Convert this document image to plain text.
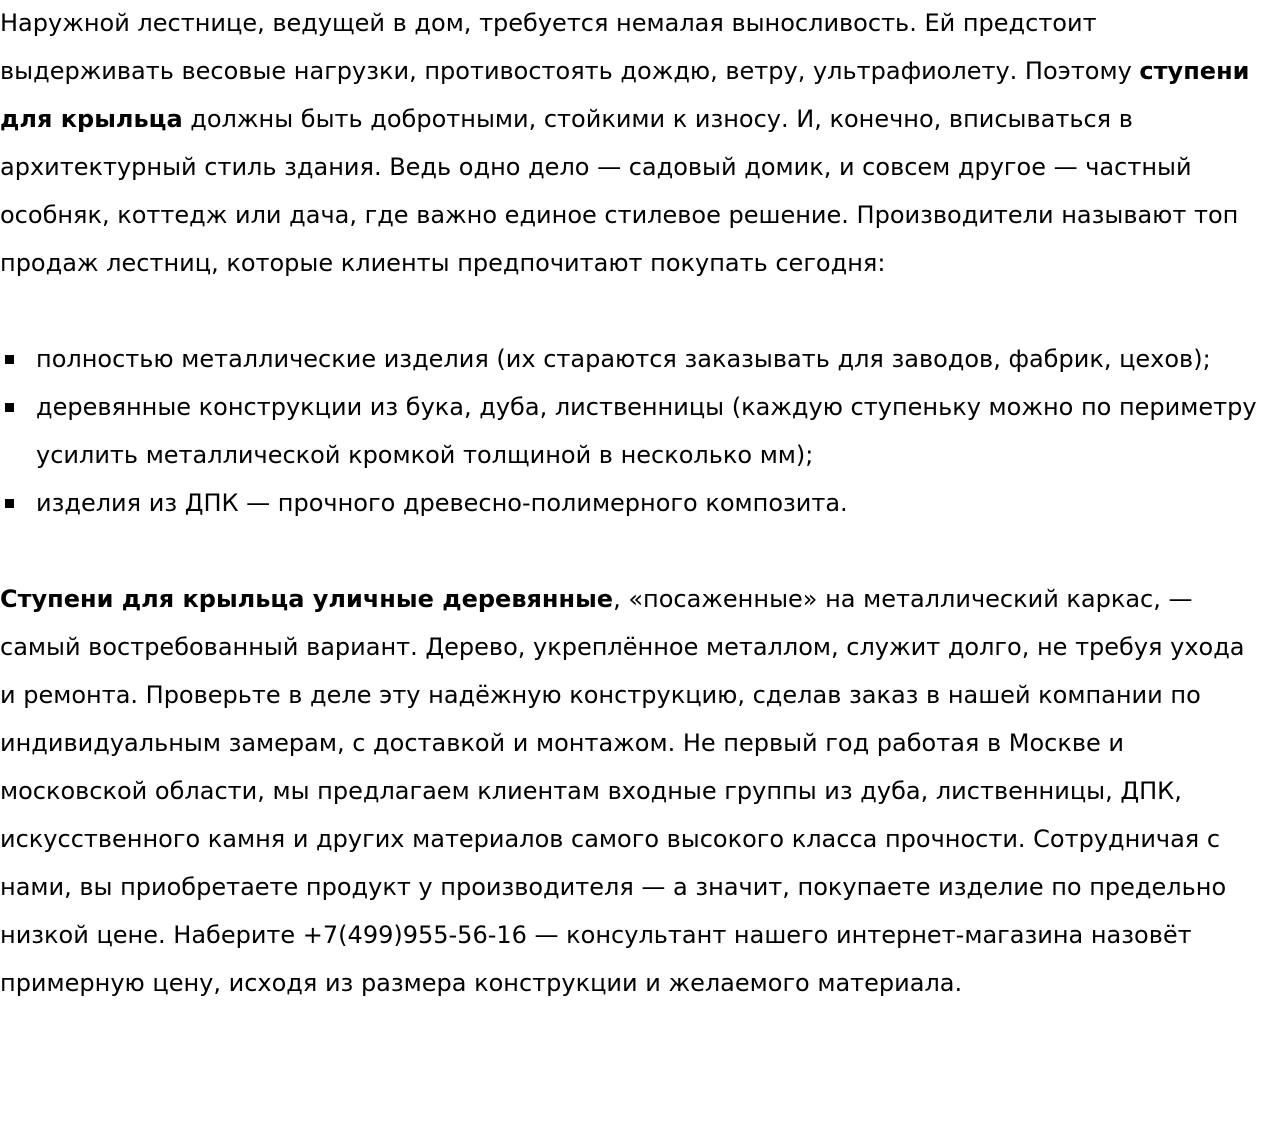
Наружной лестнице, ведущей в дом, требуется немалая выносливость. Ей предстоит выдерживать весовые нагрузки, противостоять дождю, ветру, ультрафиолету. Поэтому ступени для крыльца должны быть добротными, стойкими к износу. И, конечно, вписываться в архитектурный стиль здания. Ведь одно дело — садовый домик, и совсем другое — частный особняк, коттедж или дача, где важно единое стилевое решение. Производители называют топ продаж лестниц, которые клиенты предпочитают покупать сегодня:

полностью металлические изделия (их стараются заказывать для заводов, фабрик, цехов);
деревянные конструкции из бука, дуба, лиственницы (каждую ступеньку можно по периметру усилить металлической кромкой толщиной в несколько мм);
изделия из ДПК — прочного древесно-полимерного композита.

Ступени для крыльца уличные деревянные, «посаженные» на металлический каркас, — самый востребованный вариант. Дерево, укреплённое металлом, служит долго, не требуя ухода и ремонта. Проверьте в деле эту надёжную конструкцию, сделав заказ в нашей компании по индивидуальным замерам, с доставкой и монтажом. Не первый год работая в Москве и московской области, мы предлагаем клиентам входные группы из дуба, лиственницы, ДПК, искусственного камня и других материалов самого высокого класса прочности. Сотрудничая с нами, вы приобретаете продукт у производителя — а значит, покупаете изделие по предельно низкой цене. Наберите +7(499)955-56-16 — консультант нашего интернет-магазина назовёт примерную цену, исходя из размера конструкции и желаемого материала.
